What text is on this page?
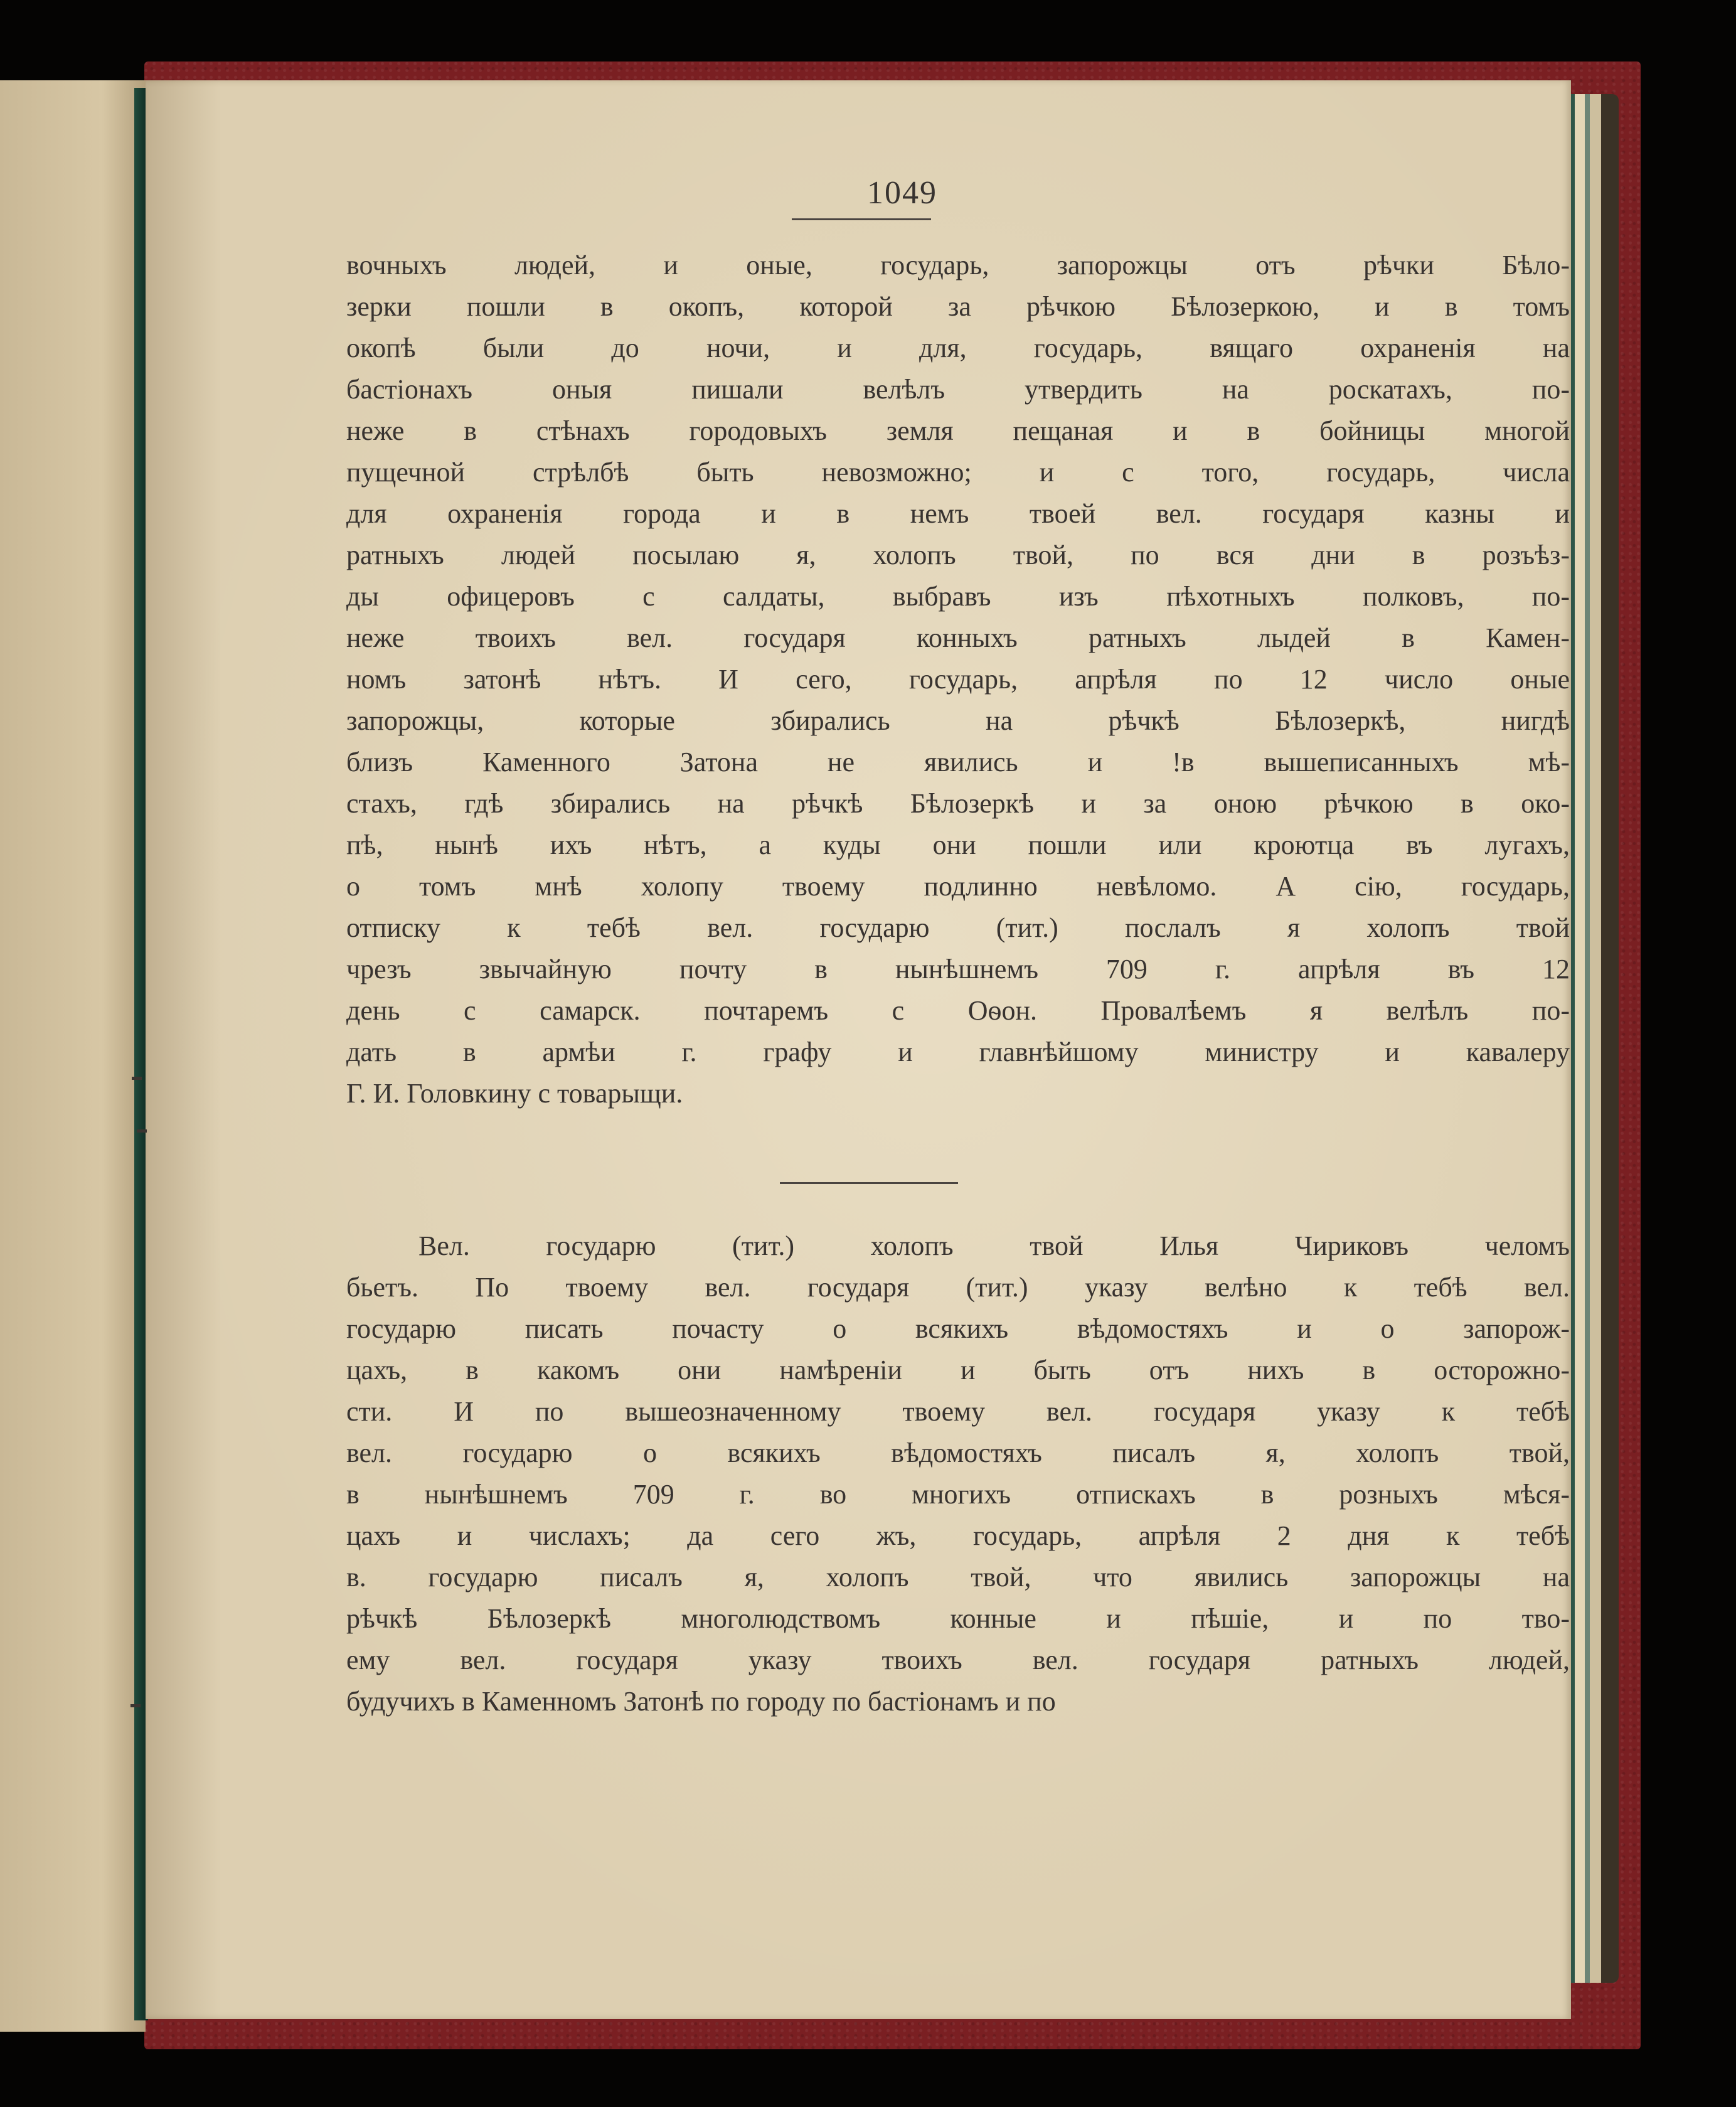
1049
вочныхъ людей, и оные, государь, запорожцы отъ рѣчки Бѣло-
зерки пошли в окопъ, которой за рѣчкою Бѣлозеркою, и в томъ
окопѣ были до ночи, и для, государь, вящаго охраненія на
бастіонахъ оныя пишали велѣлъ утвердить на роскатахъ, по-
неже в стѣнахъ городовыхъ земля пещаная и в бойницы многой
пущечной стрѣлбѣ быть невозможно; и с того, государь, числа
для охраненія города и в немъ твоей вел. государя казны и
ратныхъ людей посылаю я, холопъ твой, по вся дни в розъѣз-
ды офицеровъ с салдаты, выбравъ изъ пѣхотныхъ полковъ, по-
неже твоихъ вел. государя конныхъ ратныхъ лыдей в Камен-
номъ затонѣ нѣтъ. И сего, государь, апрѣля по 12 число оные
запорожцы, которые збирались на рѣчкѣ Бѣлозеркѣ, нигдѣ
близъ Каменного Затона не явились и !в вышеписанныхъ мѣ-
стахъ, гдѣ збирались на рѣчкѣ Бѣлозеркѣ и за оною рѣчкою в око-
пѣ, нынѣ ихъ нѣтъ, а куды они пошли или кроютца въ лугахъ,
о томъ мнѣ холопу твоему подлинно невѣломо. А сію, государь,
отписку к тебѣ вел. государю (тит.) послалъ я холопъ твой
чрезъ звычайную почту в нынѣшнемъ 709 г. апрѣля въ 12
день с самарск. почтаремъ с Оѳон. Провалѣемъ я велѣлъ по-
дать в армѣи г. графу и главнѣйшому министру и кавалеру
Г. И. Головкину с товарыщи.
Вел. государю (тит.) холопъ твой Илья Чириковъ челомъ
бьетъ. По твоему вел. государя (тит.) указу велѣно к тебѣ вел.
государю писать почасту о всякихъ вѣдомостяхъ и о запорож-
цахъ, в какомъ они намѣреніи и быть отъ нихъ в осторожно-
сти. И по вышеозначенному твоему вел. государя указу к тебѣ
вел. государю о всякихъ вѣдомостяхъ писалъ я, холопъ твой,
в нынѣшнемъ 709 г. во многихъ отпискахъ в розныхъ мѣся-
цахъ и числахъ; да сего жъ, государь, апрѣля 2 дня к тебѣ
в. государю писалъ я, холопъ твой, что явились запорожцы на
рѣчкѣ Бѣлозеркѣ многолюдствомъ конные и пѣшіе, и по тво-
ему вел. государя указу твоихъ вел. государя ратныхъ людей,
будучихъ в Каменномъ Затонѣ по городу по бастіонамъ и по
